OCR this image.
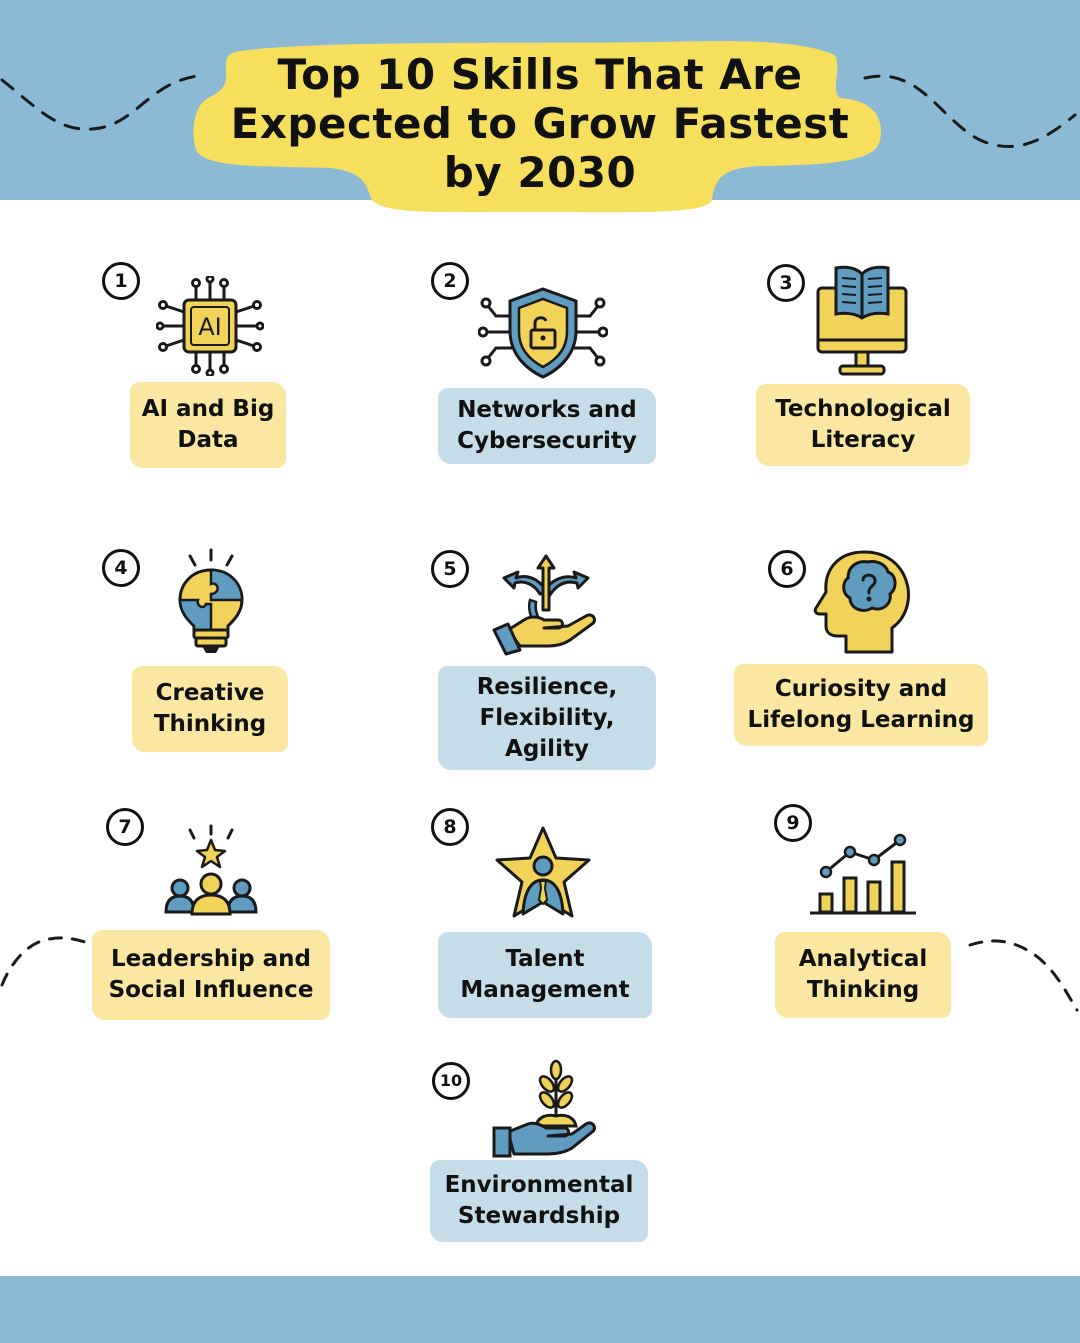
Top 10 Skills That Are
Expected to Grow Fastest
by 2030
1
AI
AI and Big
Data
2
Networks and
Cybersecurity
3
Technological
Literacy
4
Creative
Thinking
5
Resilience,
Flexibility,
Agility
6
Curiosity and
Lifelong Learning
7
Leadership and
Social Influence
8
Talent
Management
9
Analytical
Thinking
10
Environmental
Stewardship
